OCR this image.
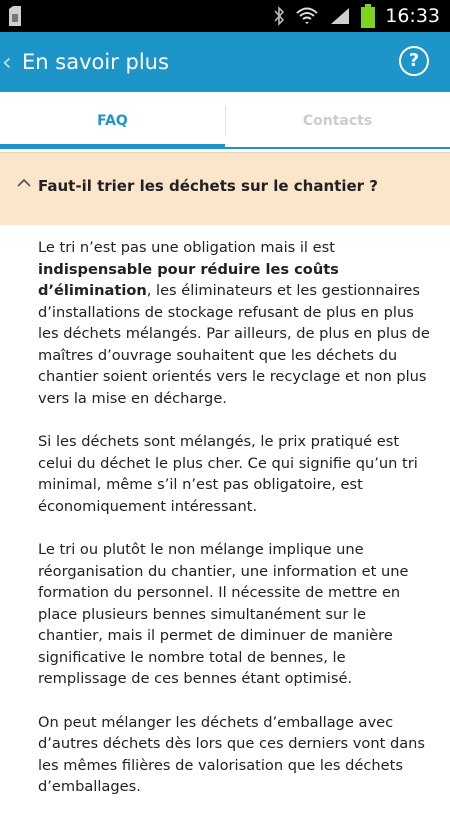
16:33
‹ En savoir plus	?
FAQ	Contacts
Faut-il trier les déchets sur le chantier ?

Le tri n’est pas une obligation mais il est indispensable pour réduire les coûts d’élimination, les éliminateurs et les gestionnaires d’installations de stockage refusant de plus en plus les déchets mélangés. Par ailleurs, de plus en plus de maîtres d’ouvrage souhaitent que les déchets du chantier soient orientés vers le recyclage et non plus vers la mise en décharge.

Si les déchets sont mélangés, le prix pratiqué est celui du déchet le plus cher. Ce qui signifie qu’un tri minimal, même s’il n’est pas obligatoire, est économiquement intéressant.

Le tri ou plutôt le non mélange implique une réorganisation du chantier, une information et une formation du personnel. Il nécessite de mettre en place plusieurs bennes simultanément sur le chantier, mais il permet de diminuer de manière significative le nombre total de bennes, le remplissage de ces bennes étant optimisé.

On peut mélanger les déchets d’emballage avec d’autres déchets dès lors que ces derniers vont dans les mêmes filières de valorisation que les déchets d’emballages.
